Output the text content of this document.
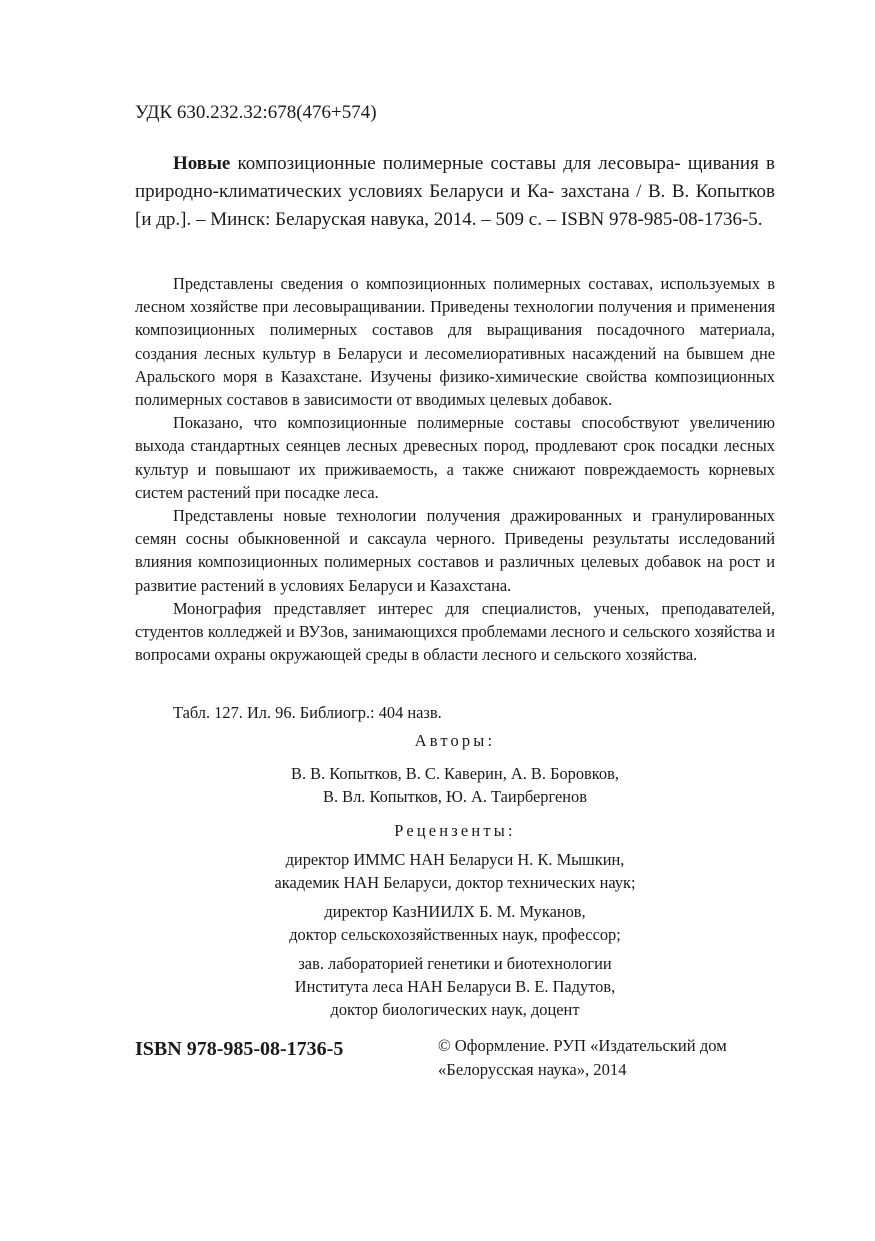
УДК 630.232.32:678(476+574)
Новые композиционные полимерные составы для лесовыра- щивания в природно-климатических условиях Беларуси и Ка- захстана / В. В. Копытков [и др.]. – Минск: Беларуская навука, 2014. – 509 с. – ISBN 978-985-08-1736-5.

Представлены сведения о композиционных полимерных составах, используемых в лесном хозяйстве при лесовыращивании. Приведены технологии получения и применения композиционных полимерных составов для выращивания посадочного материала, создания лесных культур в Беларуси и лесомелиоративных насаждений на бывшем дне Аральского моря в Казахстане. Изучены физико-химические свойства композиционных полимерных составов в зависимости от вводимых целевых добавок.

Показано, что композиционные полимерные составы способствуют увеличению выхода стандартных сеянцев лесных древесных пород, продлевают срок посадки лесных культур и повышают их приживаемость, а также снижают повреждаемость корневых систем растений при посадке леса.

Представлены новые технологии получения дражированных и гранулированных семян сосны обыкновенной и саксаула черного. Приведены результаты исследований влияния композиционных полимерных составов и различных целевых добавок на рост и развитие растений в условиях Беларуси и Казахстана.

Монография представляет интерес для специалистов, ученых, преподавателей, студентов колледжей и ВУЗов, занимающихся проблемами лесного и сельского хозяйства и вопросами охраны окружающей среды в области лесного и сельского хозяйства.

Табл. 127. Ил. 96. Библиогр.: 404 назв.
Авторы:
В. В. Копытков, В. С. Каверин, А. В. Боровков,
В. Вл. Копытков, Ю. А. Таирбергенов
Рецензенты:
директор ИММС НАН Беларуси Н. К. Мышкин,
академик НАН Беларуси, доктор технических наук;
директор КазНИИЛХ Б. М. Муканов,
доктор сельскохозяйственных наук, профессор;
зав. лабораторией генетики и биотехнологии
Института леса НАН Беларуси В. Е. Падутов,
доктор биологических наук, доцент
ISBN 978-985-08-1736-5	© Оформление. РУП «Издательский дом
«Белорусская наука», 2014
